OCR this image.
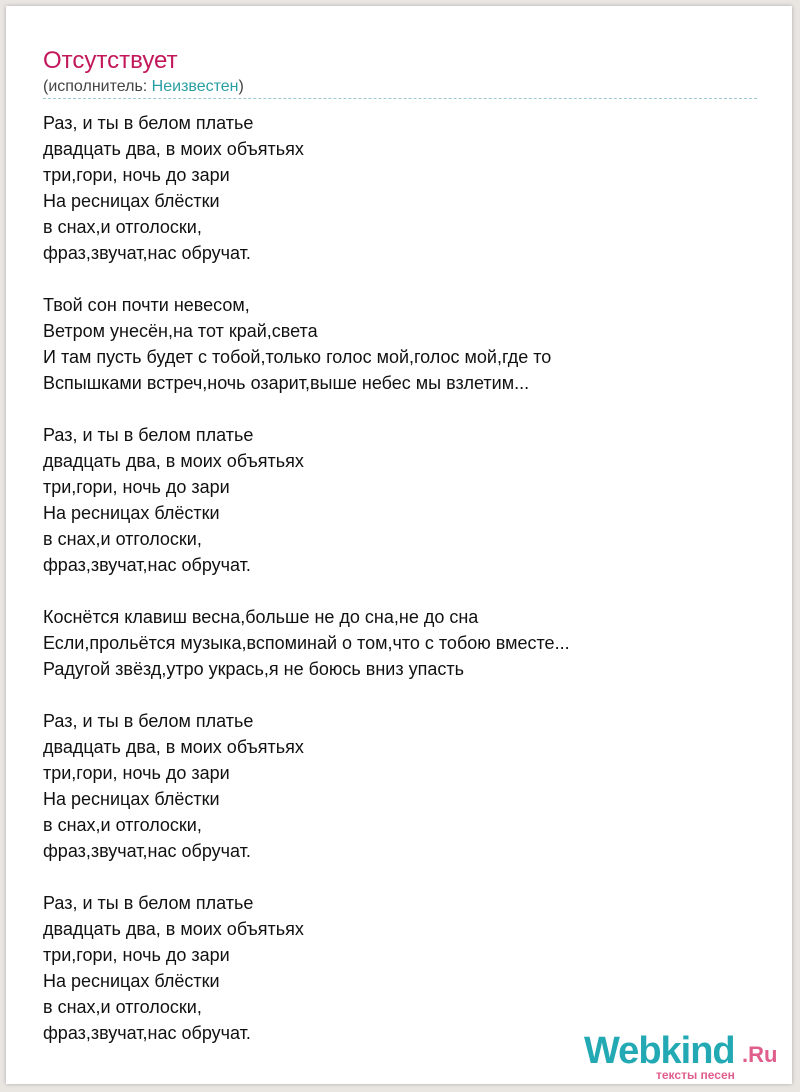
Отсутствует
(исполнитель: Неизвестен)
Раз, и ты в белом платье
двадцать два, в моих объятьях
три,гори, ночь до зари
На ресницах блёстки
в снах,и отголоски,
фраз,звучат,нас обручат.
Твой сон почти невесом,
Ветром унесён,на тот край,света
И там пусть будет с тобой,только голос мой,голос мой,где то
Вспышками встреч,ночь озарит,выше небес мы взлетим...
Раз, и ты в белом платье
двадцать два, в моих объятьях
три,гори, ночь до зари
На ресницах блёстки
в снах,и отголоски,
фраз,звучат,нас обручат.
Коснётся клавиш весна,больше не до сна,не до сна
Если,прольётся музыка,вспоминай о том,что с тобою вместе...
Радугой звёзд,утро укрась,я не боюсь вниз упасть
Раз, и ты в белом платье
двадцать два, в моих объятьях
три,гори, ночь до зари
На ресницах блёстки
в снах,и отголоски,
фраз,звучат,нас обручат.
Раз, и ты в белом платье
двадцать два, в моих объятьях
три,гори, ночь до зари
На ресницах блёстки
в снах,и отголоски,
фраз,звучат,нас обручат.	Webkind .Ru
тексты песен
